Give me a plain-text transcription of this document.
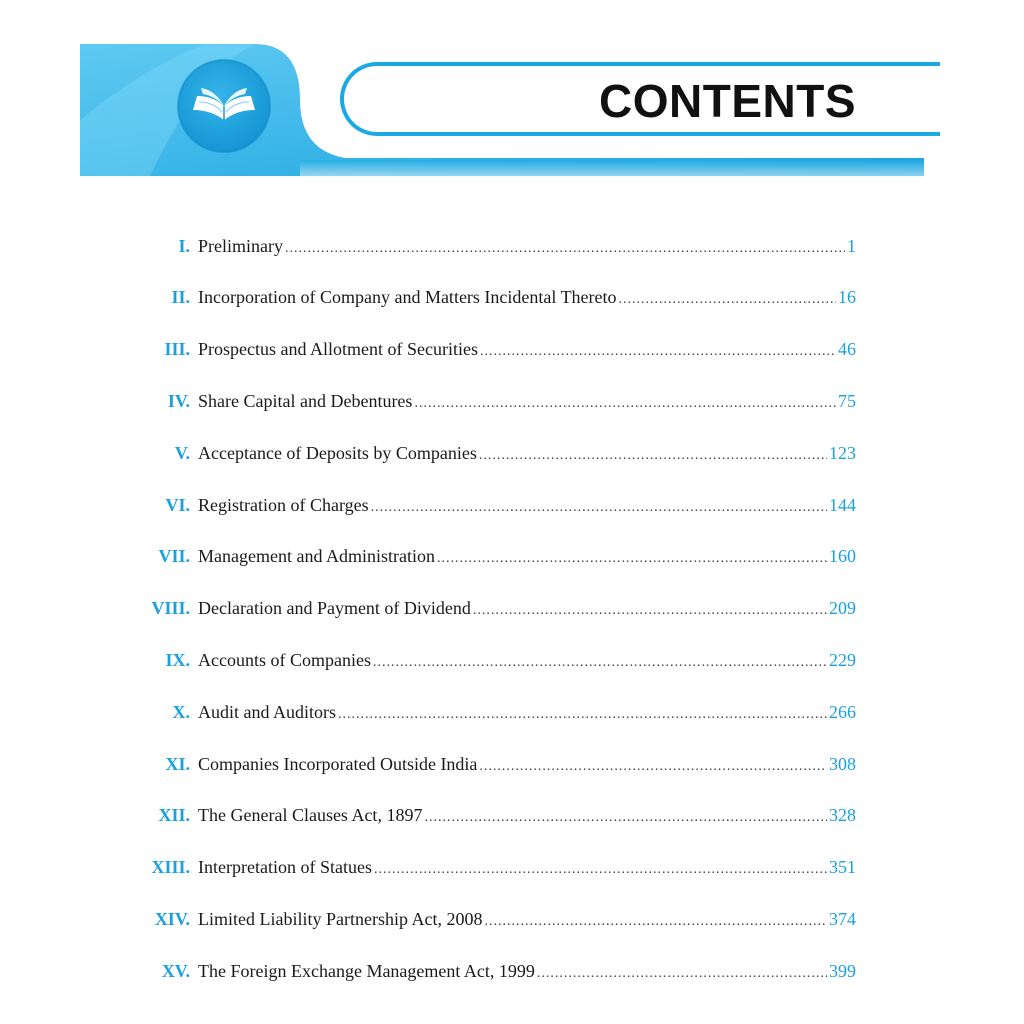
CONTENTS
I. Preliminary .....	1
II. Incorporation of Company and Matters Incidental Thereto .....	16
III. Prospectus and Allotment of Securities .....	46
IV. Share Capital and Debentures .....	75
V. Acceptance of Deposits by Companies .....	123
VI. Registration of Charges .....	144
VII. Management and Administration .....	160
VIII. Declaration and Payment of Dividend .....	209
IX. Accounts of Companies .....	229
X. Audit and Auditors .....	266
XI. Companies Incorporated Outside India .....	308
XII. The General Clauses Act, 1897 .....	328
XIII. Interpretation of Statues .....	351
XIV. Limited Liability Partnership Act, 2008 .....	374
XV. The Foreign Exchange Management Act, 1999 .....	399
